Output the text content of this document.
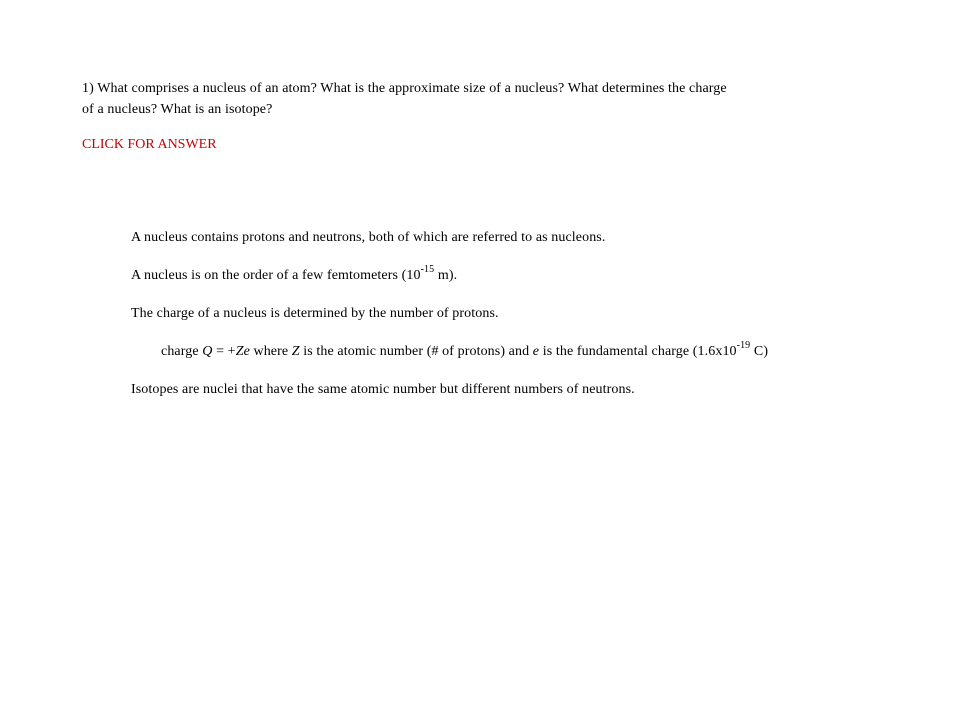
1) What comprises a nucleus of an atom? What is the approximate size of a nucleus? What determines the charge
of a nucleus? What is an isotope?
CLICK FOR ANSWER

A nucleus contains protons and neutrons, both of which are referred to as nucleons.

A nucleus is on the order of a few femtometers ($10^{-15}$ m).

The charge of a nucleus is determined by the number of protons.

charge Q = +Ze where Z is the atomic number (# of protons) and e is the fundamental charge ($1.6x10^{-19}$ C)

Isotopes are nuclei that have the same atomic number but different numbers of neutrons.
